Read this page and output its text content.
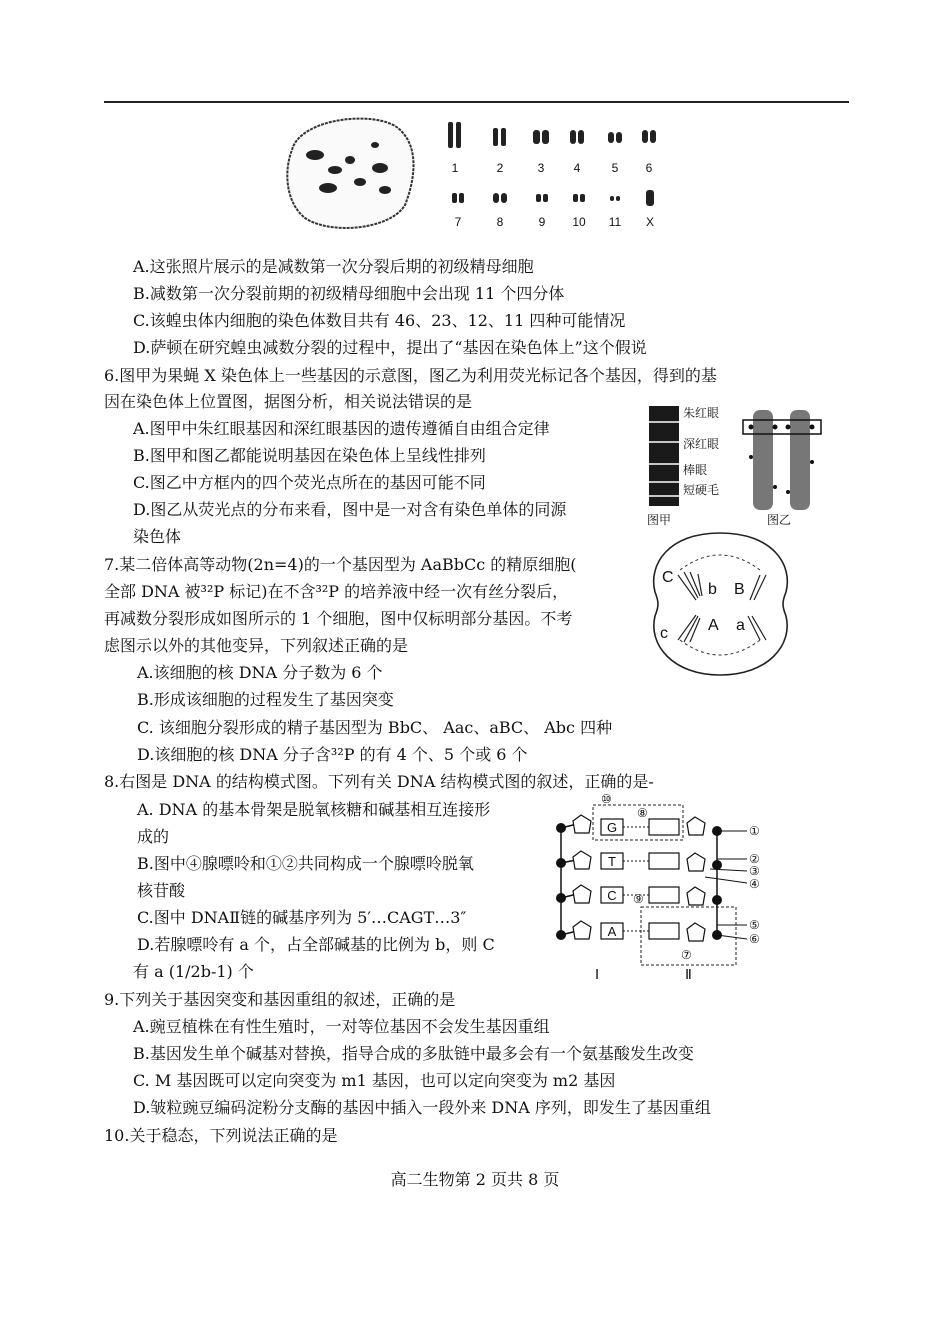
1	2	3 4	5 6
7	8	9 10 11 X
朱红眼
深红眼
棒眼
短硬毛
图甲	图乙
C
b B
c	A a
G
T
C
A
⑩
⑧
⑨
⑦
①
②
③
④
⑤
⑥
Ⅰ	Ⅱ
A.这张照片展示的是减数第一次分裂后期的初级精母细胞
B.减数第一次分裂前期的初级精母细胞中会出现 11 个四分体
C.该蝗虫体内细胞的染色体数目共有 46、23、12、11 四种可能情况
D.萨顿在研究蝗虫减数分裂的过程中，提出了“基因在染色体上”这个假说
6.图甲为果蝇 X 染色体上一些基因的示意图，图乙为利用荧光标记各个基因，得到的基
因在染色体上位置图，据图分析，相关说法错误的是
A.图甲中朱红眼基因和深红眼基因的遗传遵循自由组合定律
B.图甲和图乙都能说明基因在染色体上呈线性排列
C.图乙中方框内的四个荧光点所在的基因可能不同
D.图乙从荧光点的分布来看，图中是一对含有染色单体的同源
染色体
7.某二倍体高等动物(2n=4)的一个基因型为 AaBbCc 的精原细胞(
全部 DNA 被³²P 标记)在不含³²P 的培养液中经一次有丝分裂后，
再减数分裂形成如图所示的 1 个细胞，图中仅标明部分基因。不考
虑图示以外的其他变异，下列叙述正确的是
A.该细胞的核 DNA 分子数为 6 个
B.形成该细胞的过程发生了基因突变
C. 该细胞分裂形成的精子基因型为 BbC、 Aac、aBC、 Abc 四种
D.该细胞的核 DNA 分子含³²P 的有 4 个、5 个或 6 个
8.右图是 DNA 的结构模式图。下列有关 DNA 结构模式图的叙述，正确的是-
A. DNA 的基本骨架是脱氧核糖和碱基相互连接形
成的
B.图中④腺嘌呤和①②共同构成一个腺嘌呤脱氧
核苷酸
C.图中 DNAⅡ链的碱基序列为 5′…CAGT…3″
D.若腺嘌呤有 a 个，占全部碱基的比例为 b，则 C
有 a (1/2b-1) 个
9.下列关于基因突变和基因重组的叙述，正确的是
A.豌豆植株在有性生殖时，一对等位基因不会发生基因重组
B.基因发生单个碱基对替换，指导合成的多肽链中最多会有一个氨基酸发生改变
C. M 基因既可以定向突变为 m1 基因，也可以定向突变为 m2 基因
D.皱粒豌豆编码淀粉分支酶的基因中插入一段外来 DNA 序列，即发生了基因重组
10.关于稳态，下列说法正确的是
高二生物第 2 页共 8 页
